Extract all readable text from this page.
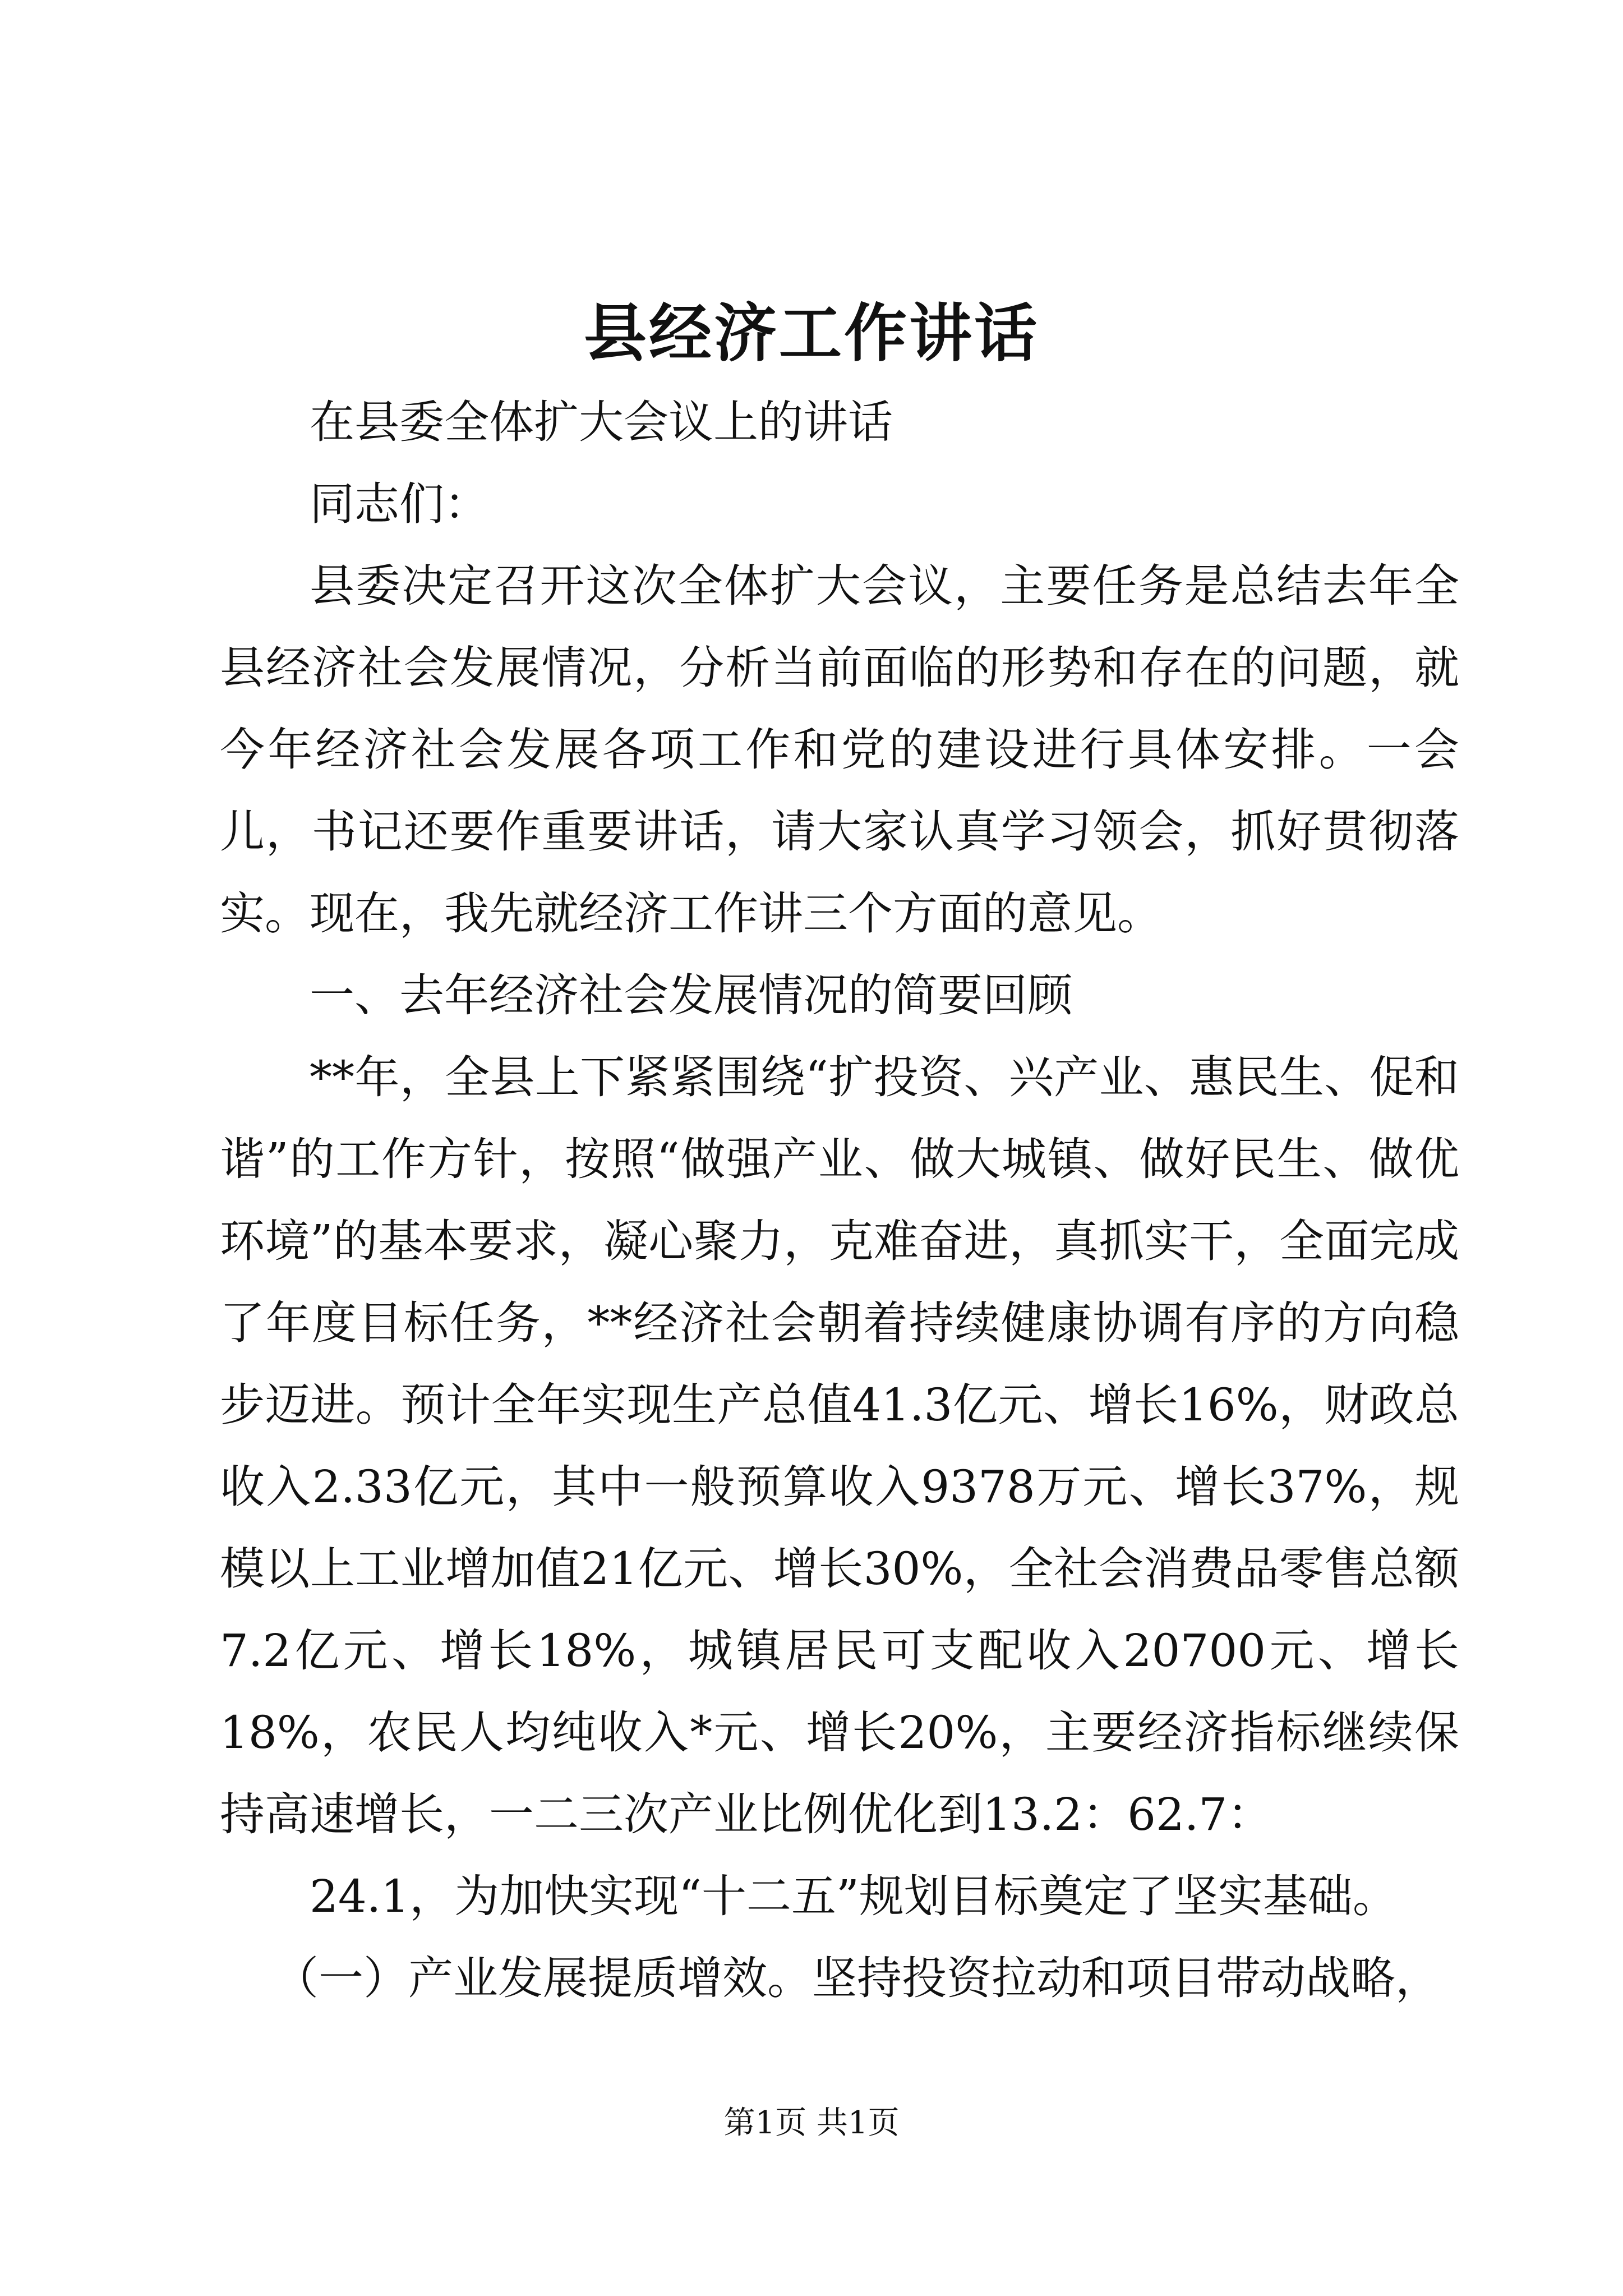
县经济工作讲话

在县委全体扩大会议上的讲话

同志们：

县委决定召开这次全体扩大会议，主要任务是总结去年全县经济社会发展情况，分析当前面临的形势和存在的问题，就今年经济社会发展各项工作和党的建设进行具体安排。一会儿，书记还要作重要讲话，请大家认真学习领会，抓好贯彻落实。现在，我先就经济工作讲三个方面的意见。

一、去年经济社会发展情况的简要回顾

**年，全县上下紧紧围绕“扩投资、兴产业、惠民生、促和谐”的工作方针，按照“做强产业、做大城镇、做好民生、做优环境”的基本要求，凝心聚力，克难奋进，真抓实干，全面完成了年度目标任务，**经济社会朝着持续健康协调有序的方向稳步迈进。预计全年实现生产总值41.3亿元、增长16%，财政总收入2.33亿元，其中一般预算收入9378万元、增长37%，规模以上工业增加值21亿元、增长30%，全社会消费品零售总额7.2亿元、增长18%，城镇居民可支配收入20700元、增长18%，农民人均纯收入*元、增长20%，主要经济指标继续保持高速增长，一二三次产业比例优化到13.2：62.7：

24.1，为加快实现“十二五”规划目标奠定了坚实基础。

（一）产业发展提质增效。坚持投资拉动和项目带动战略，

第1页 共1页
